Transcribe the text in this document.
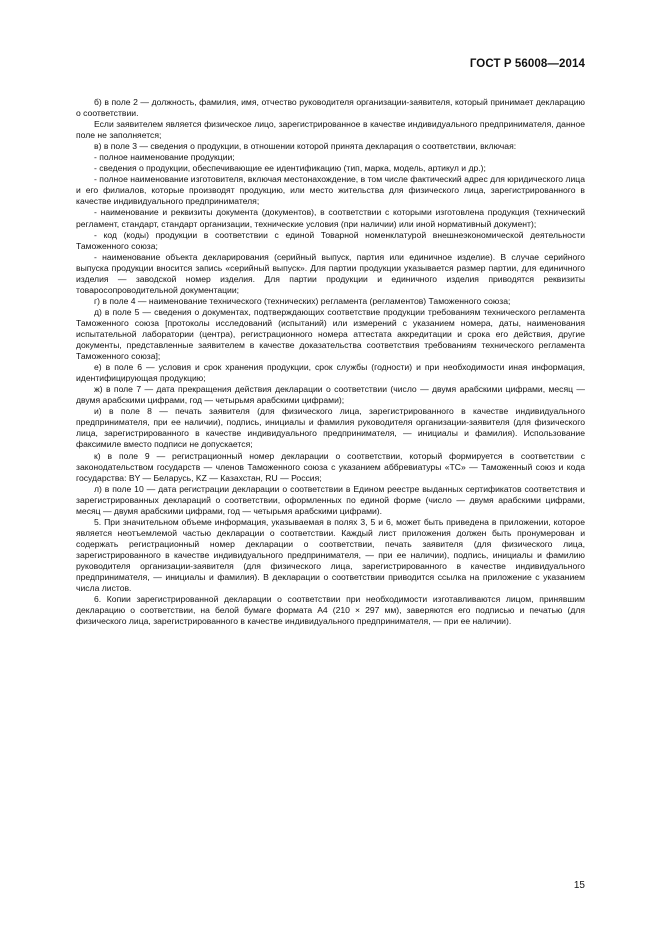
ГОСТ Р 56008—2014

б) в поле 2 — должность, фамилия, имя, отчество руководителя организации-заявителя, который принимает декларацию о соответствии.

Если заявителем является физическое лицо, зарегистрированное в качестве индивидуального предпринимателя, данное поле не заполняется;

в) в поле 3 — сведения о продукции, в отношении которой принята декларация о соответствии, включая:

- полное наименование продукции;

- сведения о продукции, обеспечивающие ее идентификацию (тип, марка, модель, артикул и др.);

- полное наименование изготовителя, включая местонахождение, в том числе фактический адрес для юридического лица и его филиалов, которые производят продукцию, или место жительства для физического лица, зарегистрированного в качестве индивидуального предпринимателя;

- наименование и реквизиты документа (документов), в соответствии с которыми изготовлена продукция (технический регламент, стандарт, стандарт организации, технические условия (при наличии) или иной нормативный документ);

- код (коды) продукции в соответствии с единой Товарной номенклатурой внешнеэкономической деятельности Таможенного союза;

- наименование объекта декларирования (серийный выпуск, партия или единичное изделие). В случае серийного выпуска продукции вносится запись «серийный выпуск». Для партии продукции указывается размер партии, для единичного изделия — заводской номер изделия. Для партии продукции и единичного изделия приводятся реквизиты товаросопроводительной документации;

г) в поле 4 — наименование технического (технических) регламента (регламентов) Таможенного союза;

д) в поле 5 — сведения о документах, подтверждающих соответствие продукции требованиям технического регламента Таможенного союза [протоколы исследований (испытаний) или измерений с указанием номера, даты, наименования испытательной лаборатории (центра), регистрационного номера аттестата аккредитации и срока его действия, другие документы, представленные заявителем в качестве доказательства соответствия требованиям технического регламента Таможенного союза];

е) в поле 6 — условия и срок хранения продукции, срок службы (годности) и при необходимости иная информация, идентифицирующая продукцию;

ж) в поле 7 — дата прекращения действия декларации о соответствии (число — двумя арабскими цифрами, месяц — двумя арабскими цифрами, год — четырьмя арабскими цифрами);

и) в поле 8 — печать заявителя (для физического лица, зарегистрированного в качестве индивидуального предпринимателя, при ее наличии), подпись, инициалы и фамилия руководителя организации-заявителя (для физического лица, зарегистрированного в качестве индивидуального предпринимателя, — инициалы и фамилия). Использование факсимиле вместо подписи не допускается;

к) в поле 9 — регистрационный номер декларации о соответствии, который формируется в соответствии с законодательством государств — членов Таможенного союза с указанием аббревиатуры «ТС» — Таможенный союз и кода государства: BY — Беларусь, KZ — Казахстан, RU — Россия;

л) в поле 10 — дата регистрации декларации о соответствии в Едином реестре выданных сертификатов соответствия и зарегистрированных деклараций о соответствии, оформленных по единой форме (число — двумя арабскими цифрами, месяц — двумя арабскими цифрами, год — четырьмя арабскими цифрами).

5. При значительном объеме информация, указываемая в полях 3, 5 и 6, может быть приведена в приложении, которое является неотъемлемой частью декларации о соответствии. Каждый лист приложения должен быть пронумерован и содержать регистрационный номер декларации о соответствии, печать заявителя (для физического лица, зарегистрированного в качестве индивидуального предпринимателя, — при ее наличии), подпись, инициалы и фамилию руководителя организации-заявителя (для физического лица, зарегистрированного в качестве индивидуального предпринимателя, — инициалы и фамилия). В декларации о соответствии приводится ссылка на приложение с указанием числа листов.

6. Копии зарегистрированной декларации о соответствии при необходимости изготавливаются лицом, принявшим декларацию о соответствии, на белой бумаге формата А4 (210 × 297 мм), заверяются его подписью и печатью (для физического лица, зарегистрированного в качестве индивидуального предпринимателя, — при ее наличии).

15
